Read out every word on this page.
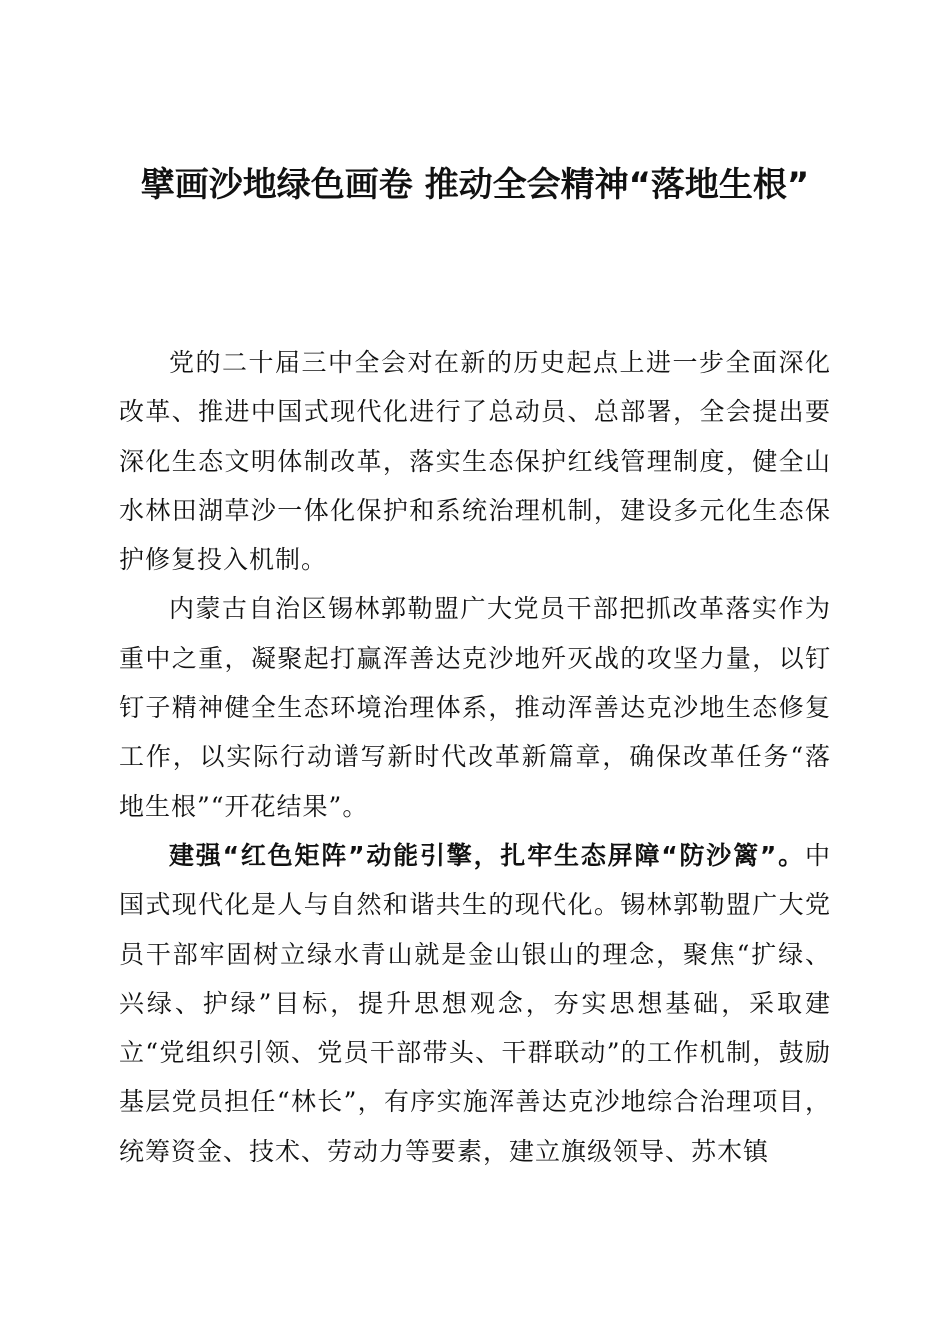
擘画沙地绿色画卷 推动全会精神“落地生根”

党的二十届三中全会对在新的历史起点上进一步全面深化改革、推进中国式现代化进行了总动员、总部署，全会提出要深化生态文明体制改革，落实生态保护红线管理制度，健全山水林田湖草沙一体化保护和系统治理机制，建设多元化生态保护修复投入机制。

内蒙古自治区锡林郭勒盟广大党员干部把抓改革落实作为重中之重，凝聚起打赢浑善达克沙地歼灭战的攻坚力量，以钉钉子精神健全生态环境治理体系，推动浑善达克沙地生态修复工作，以实际行动谱写新时代改革新篇章，确保改革任务“落地生根”“开花结果”。

建强“红色矩阵”动能引擎，扎牢生态屏障“防沙篱”。中国式现代化是人与自然和谐共生的现代化。锡林郭勒盟广大党员干部牢固树立绿水青山就是金山银山的理念，聚焦“扩绿、兴绿、护绿”目标，提升思想观念，夯实思想基础，采取建立“党组织引领、党员干部带头、干群联动”的工作机制，鼓励基层党员担任“林长”，有序实施浑善达克沙地综合治理项目，统筹资金、技术、劳动力等要素，建立旗级领导、苏木镇
